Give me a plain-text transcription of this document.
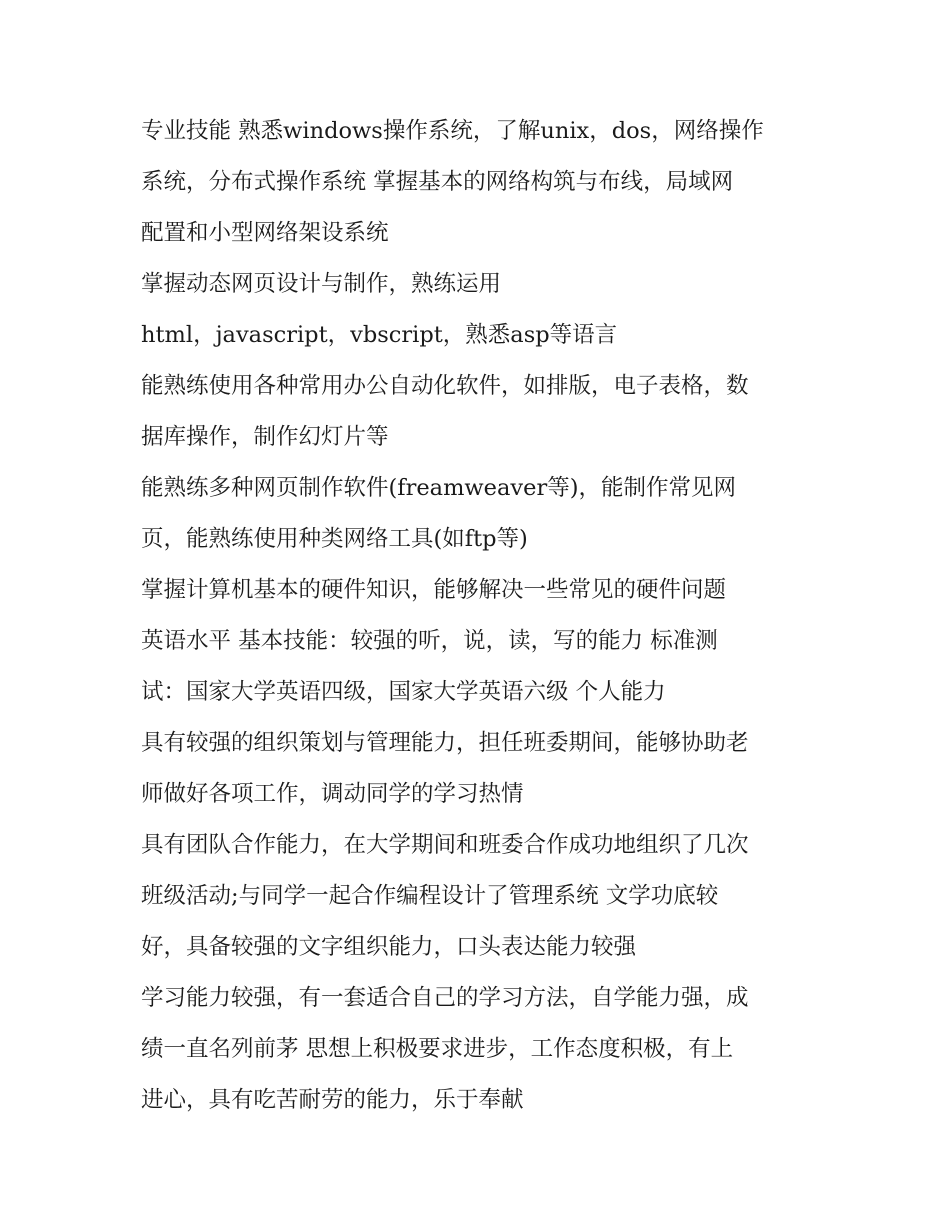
专业技能 熟悉windows操作系统，了解unix，dos，网络操作

系统，分布式操作系统 掌握基本的网络构筑与布线，局域网

配置和小型网络架设系统

掌握动态网页设计与制作，熟练运用

html，javascript，vbscript，熟悉asp等语言

能熟练使用各种常用办公自动化软件，如排版，电子表格，数

据库操作，制作幻灯片等

能熟练多种网页制作软件(freamweaver等)，能制作常见网

页，能熟练使用种类网络工具(如ftp等)

掌握计算机基本的硬件知识，能够解决一些常见的硬件问题

英语水平 基本技能：较强的听，说，读，写的能力 标准测

试：国家大学英语四级，国家大学英语六级 个人能力

具有较强的组织策划与管理能力，担任班委期间，能够协助老

师做好各项工作，调动同学的学习热情

具有团队合作能力，在大学期间和班委合作成功地组织了几次

班级活动;与同学一起合作编程设计了管理系统 文学功底较

好，具备较强的文字组织能力，口头表达能力较强

学习能力较强，有一套适合自己的学习方法，自学能力强，成

绩一直名列前茅 思想上积极要求进步，工作态度积极，有上

进心，具有吃苦耐劳的能力，乐于奉献
